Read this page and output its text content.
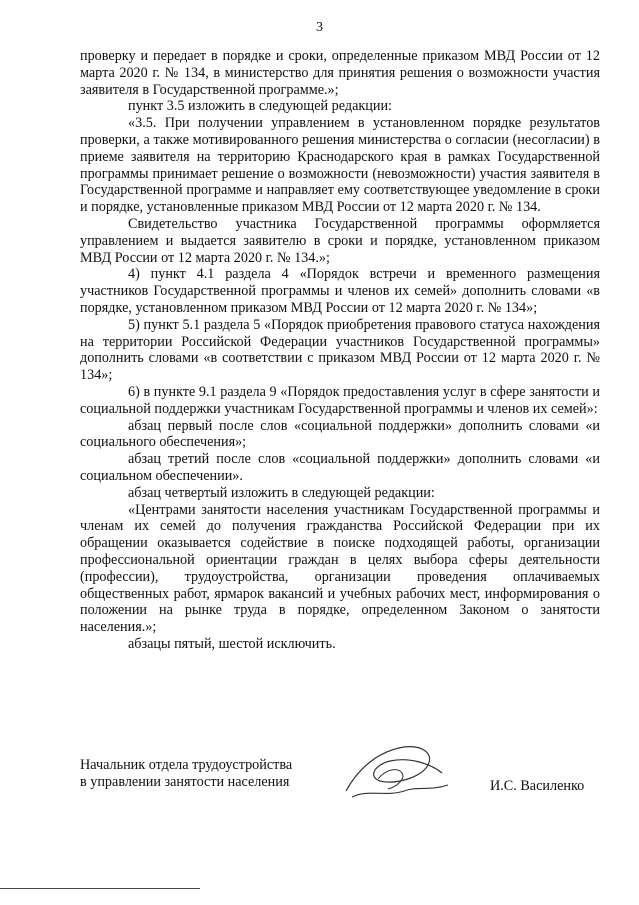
3

проверку и передает в порядке и сроки, определенные приказом МВД России от 12 марта 2020 г. № 134, в министерство для принятия решения о возможности участия заявителя в Государственной программе.»;

пункт 3.5 изложить в следующей редакции:

«3.5. При получении управлением в установленном порядке результатов проверки, а также мотивированного решения министерства о согласии (несогласии) в приеме заявителя на территорию Краснодарского края в рамках Государственной программы принимает решение о возможности (невозможности) участия заявителя в Государственной программе и направляет ему соответствующее уведомление в сроки и порядке, установленные приказом МВД России от 12 марта 2020 г. № 134.

Свидетельство участника Государственной программы оформляется управлением и выдается заявителю в сроки и порядке, установленном приказом МВД России от 12 марта 2020 г. № 134.»;

4) пункт 4.1 раздела 4 «Порядок встречи и временного размещения участников Государственной программы и членов их семей» дополнить словами «в порядке, установленном приказом МВД России от 12 марта 2020 г. № 134»;

5) пункт 5.1 раздела 5 «Порядок приобретения правового статуса нахождения на территории Российской Федерации участников Государственной программы» дополнить словами «в соответствии с приказом МВД России от 12 марта 2020 г. № 134»;

6) в пункте 9.1 раздела 9 «Порядок предоставления услуг в сфере занятости и социальной поддержки участникам Государственной программы и членов их семей»:

абзац первый после слов «социальной поддержки» дополнить словами «и социального обеспечения»;

абзац третий после слов «социальной поддержки» дополнить словами «и социальном обеспечении».

абзац четвертый изложить в следующей редакции:

«Центрами занятости населения участникам Государственной программы и членам их семей до получения гражданства Российской Федерации при их обращении оказывается содействие в поиске подходящей работы, организации профессиональной ориентации граждан в целях выбора сферы деятельности (профессии), трудоустройства, организации проведения оплачиваемых общественных работ, ярмарок вакансий и учебных рабочих мест, информирования о положении на рынке труда в порядке, определенном Законом о занятости населения.»;

абзацы пятый, шестой исключить.

Начальник отдела трудоустройства
в управлении занятости населения	И.С. Василенко
